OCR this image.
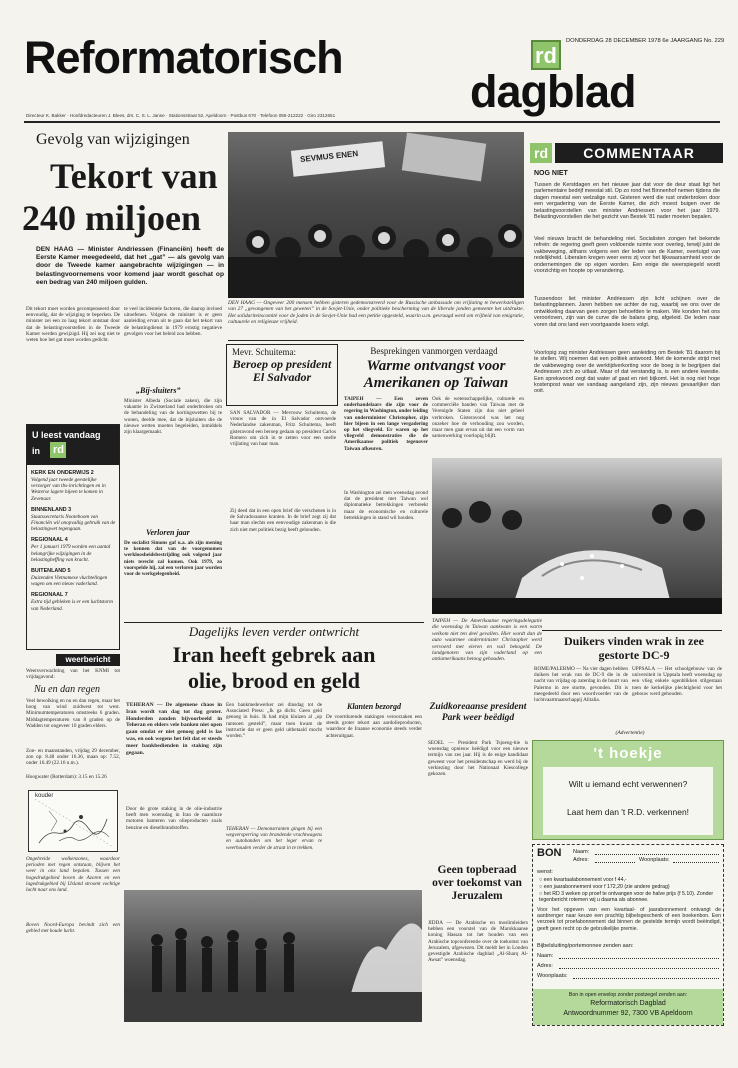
Reformatorisch	rd
DONDERDAG 28 DECEMBER 1978 6e JAARGANG No. 229
dagblad
Directeur K. Bakker · Hoofdredacteuren J. Blees, drs. C. S. L. Janse · Stationsstraat 52, Apeldoorn · Postbus 670 · Telefoon 055-212222 · Giro 2312651
Gevolg van wijzigingen
Tekort van
240 miljoen
DEN HAAG — Minister Andriessen (Financiën) heeft de Eerste Kamer meegedeeld, dat het „gat” — als gevolg van door de Tweede kamer aangebrachte wijzigingen — in belastingvoornemens voor komend jaar wordt geschat op een bedrag van 240 miljoen gulden.
Dit tekort moet worden gecompenseerd door eenvoudig, dat de wijziging te beperken. De minister zei een zo laag tekort ontstaat door dat de belastingvoorstellen in de Tweede Kamer werden gewijzigd. Hij zei nog niet te weten hoe het gat moet worden gedicht.
te veel incidentele factoren, die daarop invloed uitoefenen. Volgens de minister is er geen aanleiding ervan uit te gaan dat het tekort van de belastingdienst in 1979 ernstig negatieve gevolgen voor het beleid zou hebben.
„Bij-sluiters”
Minister Albeda (Sociale zaken), die zijn vakantie in Zwitserland had onderbroken om de behandeling van de kortingswetten bij te wonen, deelde mee, dat de bijsluiters die de nieuwe wetten moeten begeleiden, inmiddels zijn klaargemaakt.
Verloren jaar
De socialist Simons gaf u.a. als zijn mening te kennen dat van de voorgenomen werkloosheidsbestrijding ook volgend jaar niets terecht zal komen. Ook 1979, zo voorspelde hij, zal een verloren jaar worden voor de werkgelegenheid.
U leest vandaag
in rd
KERK EN ONDERWIJS 2
Volgend jaar tweede geestelijke verzorger van tbs-inrichtingen en in Westerse lagere bijeen te komen in Zevenaar.
BINNENLAND 3
Staatssecretaris Nooteboom van Financiën wil onopvallig gebruik van de belastingwet tegengaan.
REGIONAAL 4
Per 1 januari 1979 worden een aantal belangrijke wijzigingen in de belastingheffing van kracht.
BUITENLAND 5
Duizenden Vietnamese vluchtelingen wagen om een nieuw vaderland.
REGIONAAL 7
Extra tijd gebleken is er een luchtstorm van Nederland.
weerbericht
Weersverwachting van het KNMI tot vrijdagavond:
Nu en dan regen
Veel bewolking en nu en dan regen, maar het hoog van wind zuidwest tot west. Minimumtemperaturen omstreeks 6 graden. Middagtemperaturen van 8 graden op de Wadden tot ongeveer 10 graden elders.
Zon- en maanstanden, vrijdag 29 december, zon op: 8.48 onder 16.36, maan op: 7.52, onder 16.49 (22.16 n.m.).
Hoogwater (Rotterdam): 3.15 en 15.26
kouder
Ongebreide wolkenzones, waardoor perioden met regen ontstaan, blijven het weer in ons land bepalen. Tussen een hogedrukgebied boven de Azoren en een lagedrukgebied bij IJsland stroomt vochtige lucht naar ons land.
Boven Noord-Europa bevindt zich een gebied met koude lucht.
SEVMUS ENEN
DEN HAAG — Ongeveer 200 mensen hebben gisteren gedemonstreerd voor de Russische ambassade om vrijlating te bewerkstelligen van 27 „gevangenen van het geweten” in de Sovjet-Unie, onder politieke bescherming van de liberale jonden gemeente het uitdrukte. Het solidariteitscomité voor de joden in de Sovjet-Unie had een petitie opgesteld, waarin u.m. gevraagd werd om vrijheid van emigratie, cultuurele en religieuze vrijheid.
rd	COMMENTAAR
NOG NIET
Tussen de Kerstdagen en het nieuwe jaar dat voor de deur staat ligt het parlementaire bedrijf meestal stil. Op zo rond het Binnenhof nemen tijdens die dagen meestal een welzalige rust. Gisteren werd die rust onderbroken door een vergadering van de Eerste Kamer, die zich moest buigen over de belastingvoorstellen van minister Andriessen voor het jaar 1979. Belastingvoorstellen die het gezicht van Bestek '81 nader moeten bepalen.
Veel nieuws bracht de behandeling niet. Socialisten zongen het bekende refrein: de regering geeft geen voldoende ruimte voor overleg, terwijl juist de vakbeweging, althans volgens een der leden van de Kamer, overtuigd van redelijkheid. Liberalen kregen weer eens zij voor het lijkwaarsamheid voor de ondernemingen die op eigen worden. Een enige die weerspiegeld wordt voorzichtig en hoopte op verandering.
Tussendoor liet minister Andriessen zijn licht schijnen over de belastingplannen. Jaren hebben we achter de rug, waarbij we ons over de ontwikkeling daarvan geen zorgen behoefden te maken. We konden het ons veroorloven, zijn van de curve die de balans ging, afgeleid. De leden naar voren dat ons land een voortgaande koers volgt.
Voorlopig zag minister Andriessen geen aanleiding om Bestek '81 daarom bij te stellen. Wij noemen dat een politiek antwoord. Met de komende strijd met de vakbeweging over de werktijdverkorting voor de boeg is te begrijpen dat Andriessen zich zo uitlaat. Maar of dat verstandig is, is een andere kwestie. Een sprekwoord zegt dat water af gaat en niet bijkomt. Het is nog niet hoge kostenpost waar we vandaag aangeland zijn, zijn nieuws gevaarlijker dan ooit.
Mevr. Schuitema:
Beroep op president El Salvador
SAN SALVADOR — Mevrouw Schuitema, de vrouw van de in El Salvador ontvoerde Nederlandse zakenman, Fritz Schuitema, heeft gisteravond een beroep gedaan op president Carlos Romero om zich in te zetten voor een snelle vrijlating van haar man.
Zij deed dat in een open brief die verschenen is in de Salvadoraanse kranten. In de brief zegt zij dat haar man slechts een eenvoudige zakenman is die zich niet met politiek bezig heeft gehouden.
Besprekingen vanmorgen verdaagd
Warme ontvangst voor Amerikanen op Taiwan
TAIPEH — Een zeven onderhandelaars die zijn voor de regering in Washington, onder leiding van onderminister Christopher, zijn hier bijeen in een lange vergadering op het vliegveld. Er waren op het vliegveld demonstraties die de Amerikaanse politiek tegenover Taiwan afkeuren.
In Washington zei men woensdag avond dat de president met Taiwan wel diplomatieke betrekkingen verbreekt maar de economische en culturele betrekkingen in stand wil houden.
Ook de wetenschappelijke, culturele en commerciële banden van Taiwan met de Verenigde Staten zijn dus niet geheel verbroken. Gisteravond was het nog onzeker hoe de verhouding zou worden, maar men gaat ervan uit dat een vorm van samenwerking voorlopig blijft.
TAIPEH — De Amerikaanse regeringsdelegatie die woensdag in Taiwan aankwam is een warm welkom niet ten deel gevallen. Hier wordt dan de auto waarmee onderminister Christopher werd vervoerd met eieren en vuil bekogeld. De landgenoten van zijn vaderland op een antiamerikaans betoog gehouden.
Dagelijks leven verder ontwricht
Iran heeft gebrek aan
olie, brood en geld
TEHERAN — De algemene chaos in Iran wordt van dag tot dag groter. Honderden zonden bijvoorbeeld in Teheran en elders vele banken niet open gaan omdat er niet genoeg geld is las was, en ook wegens het feit dat er steeds meer bankbedienden in staking zijn gegaan.
Door de grote staking in de olie-industrie heeft men woensdag in Iran de naamloze motoren hanteren van olieproducten zoals benzine en dieselbrandstoffen.
Een bankmedewerker zei dinsdag tot de Associated Press: „Ik ga dicht. Geen geld genoeg in huis. Ik had mijn kluizen al „op rantsoen gesteld”, maar toen kwam de instructie dat er geen geld uitbetaald mocht worden.”
Klanten bezorgd
De voortdurende stakingen veroorzaken een steeds groter tekort aan aardolieproducten, waardoor de Iraanse economie steeds verder achteruitgaat.
TEHERAN — Demonstranten gingen bij een wegversperring van brandende vrachtwagens en autobanden om het leger ervan te weerhouden verder de straat in te trekken.
Zuidkoreaanse president Park weer beëdigd
SEOEL — President Park Tsjoeng-hie is woensdag opnieuw beëdigd voor een nieuwe termijn van zes jaar. Hij is de enige kandidaat geweest voor het presidentschap en werd bij de verkiezing door het Nationaal Kiescollege gekozen.
Geen topberaad over toekomst van Jeruzalem
JIDDA — De Arabische en moslimleiders hebben een voorstel van de Marokkaanse koning Hassan tot het houden van een Arabische topconferentie over de toekomst van Jeruzalem, afgewezen. Dit meldt het in Londen gevestigde Arabische dagblad „Al-Sharq Al-Awsat” woensdag.
Duikers vinden wrak in zee gestorte DC-9
ROME/PALERMO — Na vier dagen hebben duikers het wrak van de DC-9 die in de nacht van vrijdag op zaterdag in de buurt van Palermo in zee stortte, gevonden. Dit is meegedeeld door een woordvoerder van de luchtvaartmaatschappij Alitalia.
UPPSALA — Het schoolgebouw van de universiteit in Uppsala heeft woensdag op een vlieg enkele ogenblikken stilgestaan toen de kerkelijke plechtigheid voor het gebouw werd gehouden.
(Advertentie)
't hoekje
Wilt u iemand echt verwennen?
Laat hem dan 't R.D. verkennen!
BON Naam:
Adres:	Woonplaats:
wenst:
○ een kwartaalabonnement voor f 44,-
○ een jaarabonnement voor f 172,20 (zie andere gedrag)
○ het RD 3 weken op proef te ontvangen voor de halve prijs (f 5.10). Zonder tegenbericht rotemen wij u daarna als abonnee.
Voor het opgeven van een kwartaal- of jaarabonnement ontvangt de aanbrenger naar keuze een prachtig bijbelsgeschenk of een boekenbon. Een verzoek tot proefabonnement dat binnen de gestelde termijn wordt beëindigd, geeft geen recht op de gebruikelijke premie.
Bijbelsluiting/portemonnee zenden aan:
Naam:
Adres:
Woonplaats:
Bon in open envelop zonder postzegel zenden aan:
Reformatorisch Dagblad
Antwoordnummer 92, 7300 VB Apeldoorn
